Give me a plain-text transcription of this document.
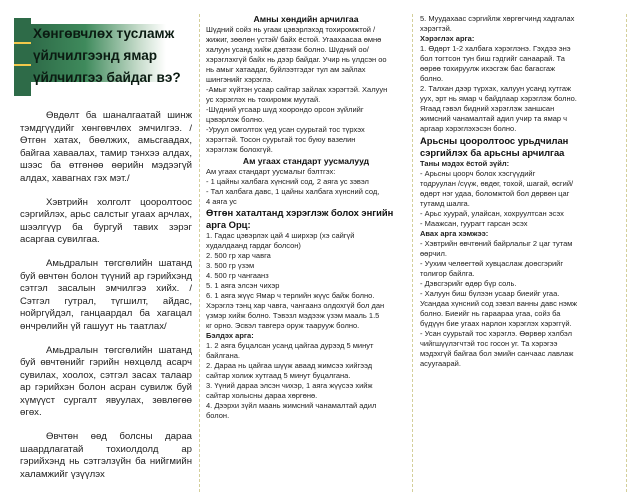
Хөнгөвчлөх тусламж
үйлчилгээнд ямар
үйлчилгээ байдаг вэ?

Өвдөлт ба шаналгаатай шинж тэмдгүүдийг хөнгөвчлөх эмчилгээ. / Өтгөн хатах, бөөлжих, амьсгаадах, байгаа хаваалах, тамир тэнхээ алдах, шээс ба өтгөнөө өөрийн мэдээгүй алдах, хавагнах гэх мэт./

Хэвтрийн холголт цооролтоос сэргийлэх, арьс салстыг угаах арчлах, шээлгүүр ба бургуй тавих зэрэг асаргаа сувилгаа.

Амьдралын төгсгөлийн шатанд буй өвчтөн болон түүний ар гэрийхэнд сэтгэл засалын эмчилгээ хийх. / Сэтгэл гутрал, түгшилт, айдас, нойргүйдэл, ганцаардал ба хагацал өнчрөлийн үй гашуут нь таатлах/

Амьдралын төгсгөлийн шатанд буй өвчтөнийг гэрийн нөхцөлд асарч сувилах, хоолох, сэтгэл засах талаар ар гэрийхэн болон асран сувилж буй хүмүүст сургалт явуулах, зөвлөгөө өгөх.

Өвчтөн өөд болсны дараа шаардлагатай тохиолдолд ар гэрийхэнд нь сэтгэлзүйн ба нийгмийн халамжийг үзүүлэх

Амны хөндийн арчилгаа
Шүдний сойз нь угаак цэвэрлэхэд тохиромжтой /
жижиг, зөөлөн үстэй/ байх ёстой. Угаахаасаа өмнө
халуун усанд хийж дэвтээж болно. Шүдний оо/
хэрэглэхгүй байх нь дээр байдаг. Учир нь үлдсэн оо
нь амыг хатаадаг, буйлээтгэдэг тул ам зайлах
шингэнийг хэрэглэ.
-Амыг хүйтэн усаар сайтар зайлах хэрэгтэй. Халуун
ус хэрэглэх нь тохиромж муутай.
-Шүдний угсаар шүд хоорондо орсон зүйлийг
цэвэрлэж болно.
-Уруул омголтох үед усан суурьтай тос түрхэх
хэрэгтэй. Тосон суурьтай тос буюу вазелин
хэрэглэж болохгүй.
Ам угаах стандарт уусмалууд
Ам угаах стандарт уусмалыг бэлтгэх:
- 1 цайны халбага хүнсний сод, 2 аяга ус зэвэл
- Тал халбага давс, 1 цайны халбага хүнсний сод,
4 аяга ус
Өтгөн хаталтанд хэрэглэж болох энгийн
арга Орц:
1. Гадас цэвэрлэх цай 4 шиpxэр (хэ сайгүй
худалдаанд гардаг болсон)
2. 500 гр хар чавга
3. 500 гр үзэм
4. 500 гр чангаанз
5. 1 аяга элсэн чихэр
6. 1 аяга жүүс Ямар ч терлийн жүүс байж болно.
Хэрэглэ тэнц хар чавга, чангаанз олдохгүй бол дан
үзмэр хийж болно. Тэвэзл мэдээж үзэм мааль 1.5
кг орно. Эсвэл тавгерэ оруж таарууж болно.
Бэлдэх арга:
1. 2 аяга буцалсан усанд цайгаа дурээд 5 минут
байлгана.
2. Дараа нь цайгаа шүүж аваад жимсээ хийгээд
сайтар холиж хутгаад 5 минут буцалгана.
3. Үүний дараа элсэн чихэр, 1 аяга жүүсээ хийж
сайтар холысны дараа хөргөнө.
4. Дээрхи зүйл маань жимсний чанамалтай адил
болон.
5. Муудахаас сэргийлж хөргөгчинд хадгалах
хэрэгтэй.
Хэрэглэх арга:
1. Өдөрт 1-2 халбага хэрэглэнэ. Гэхдээ энэ
бол тогтсон тун биш гэдгийг санаарай. Та
өөрөө тохируулж ихэсгэж бас багасгаж
болно.
2. Талхан дээр түрхэх, халуун усанд хутгаж
уух, эрт нь ямар ч байдлаар хэрэглэж болно.
Ягаад гэвэл бидний хэрэглэж заншсан
жимсний чанамалтай адил учир та ямар ч
аргаар хэрэглэхэсэн болно.
Арьсны цооролтоос урьдчилан
сэргийлэх ба арьсны арчилгаа
Таны мэдэх ёстой зүйл:
- Арьсны цоорч болох хэсгүүдийг
тодруулан /сүүж, өвдөг, тохой, шагай, өсгий/
өдөрт нэг удаа, боломжтой бол дөрвөн цаг
тутамд шалга.
- Арьс хуурай, улайсан, хохруултсан эсэх
- Маажсан, гуурагт гарсан эсэх
Авах арга хэмжээ:
- Хэвтрийн өвчтөний байрлалыг 2 цаг тутам
өөрчил.
- Уухим челөегтөй хувцаслаж доөсгэрийг
толигор байлга.
- Дэвсгэрийг өдөр бүр соль.
- Халуун биш бүлээн усаар биеийг угаа.
Усандаа хүнсний сод зэвэл ванны давс нэмж
болно. Биеийг нь гараараа угаа, сойз ба
бүдүүн бие угаах нарлон хэрэглэх хэрэггүй.
- Усан суурьтай тос хэрэглэ. Өөрвөр хэлбэл
чийгшүүлэгчтэй тос госон уг. Та хэрэгээ
мэдэхгүй байгаа бол эмийн санчаас лавлаж
асуугаарай.
